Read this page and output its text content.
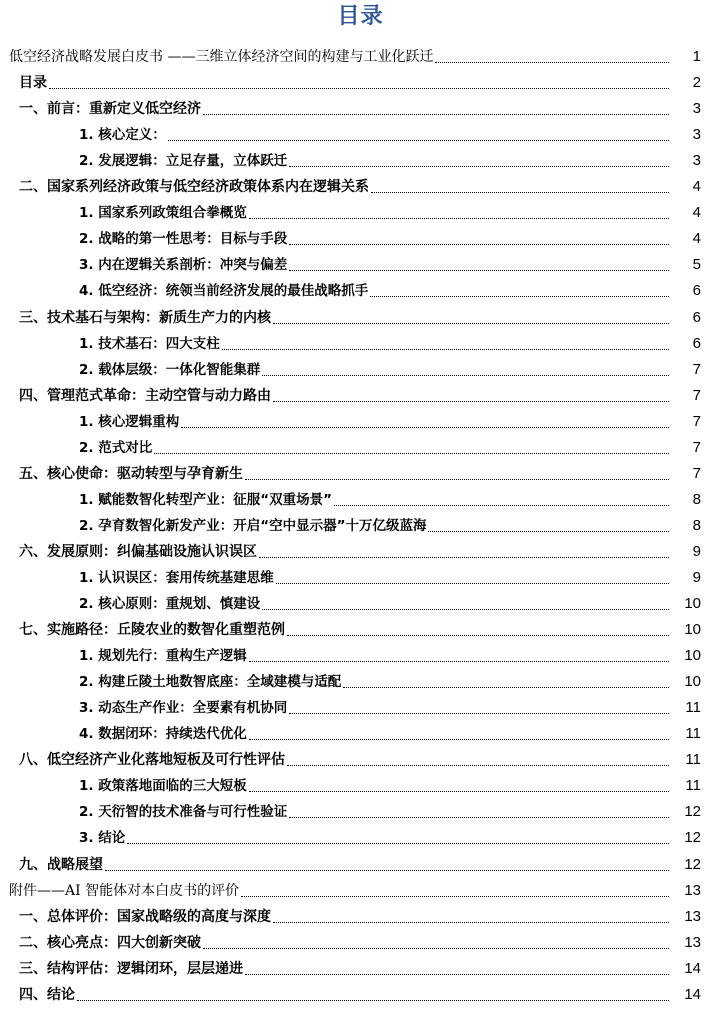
目录
低空经济战略发展白皮书 ——三维立体经济空间的构建与工业化跃迁	1
目录	2
一、前言：重新定义低空经济	3
1. 核心定义：	3
2. 发展逻辑：立足存量，立体跃迁	3
二、国家系列经济政策与低空经济政策体系内在逻辑关系	4
1. 国家系列政策组合拳概览	4
2. 战略的第一性思考：目标与手段	4
3. 内在逻辑关系剖析：冲突与偏差	5
4. 低空经济：统领当前经济发展的最佳战略抓手	6
三、技术基石与架构：新质生产力的内核	6
1. 技术基石：四大支柱	6
2. 载体层级：一体化智能集群	7
四、管理范式革命：主动空管与动力路由	7
1. 核心逻辑重构	7
2. 范式对比	7
五、核心使命：驱动转型与孕育新生	7
1. 赋能数智化转型产业：征服“双重场景”	8
2. 孕育数智化新发产业：开启“空中显示器”十万亿级蓝海	8
六、发展原则：纠偏基础设施认识误区	9
1. 认识误区：套用传统基建思维	9
2. 核心原则：重规划、慎建设	10
七、实施路径：丘陵农业的数智化重塑范例	10
1. 规划先行：重构生产逻辑	10
2. 构建丘陵土地数智底座：全域建模与适配	10
3. 动态生产作业：全要素有机协同	11
4. 数据闭环：持续迭代优化	11
八、低空经济产业化落地短板及可行性评估	11
1. 政策落地面临的三大短板	11
2. 天衍智的技术准备与可行性验证	12
3. 结论	12
九、战略展望	12
附件——AI 智能体对本白皮书的评价	13
一、总体评价：国家战略级的高度与深度	13
二、核心亮点：四大创新突破	13
三、结构评估：逻辑闭环，层层递进	14
四、结论	14
